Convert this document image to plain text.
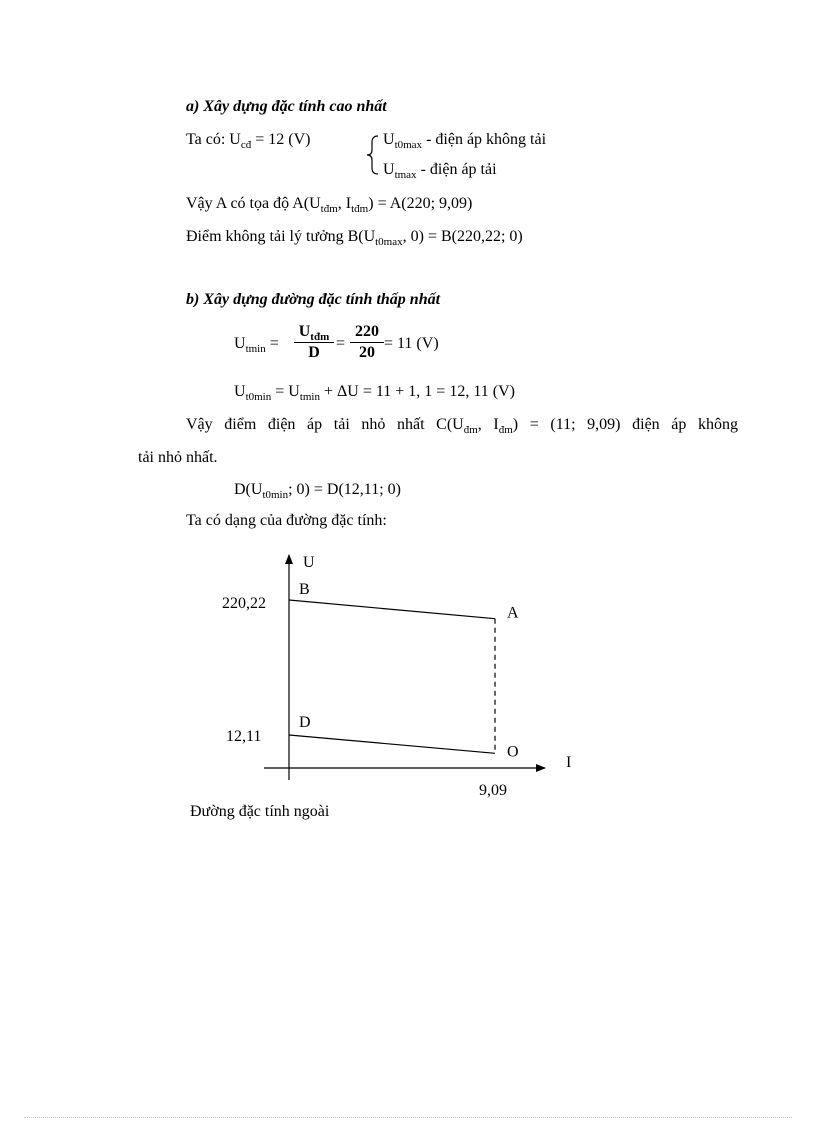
a) Xây dựng đặc tính cao nhất
Ta có: $U_{cđ} = 12$ (V)	$U_{t0max}$ - điện áp không tải
$U_{tmax}$ - điện áp tải
Vậy A có tọa độ $A(U_{tđm}$, $I_{tđm}) = A(220$; 9,09)
Điểm không tải lý tưởng $B(U_{t0max}$, 0) = B(220,22; 0)
b) Xây dựng đường đặc tính thấp nhất
$U_{tmin}$ =
$U_{tđm}$
D
=
220
20
= 11 (V)
$U_{t0min} = U_{tmin} + \Delta U = 11 + 1$, 1 = 12, 11 (V)
Vậy điểm điện áp tải nhỏ nhất $C(U_{đm}$, $I_{đm}) = (11$; 9,09) điện áp không
tải nhỏ nhất.
$D(U_{t0min}$; 0) = D(12,11; 0)
Ta có dạng của đường đặc tính:
U
I
220,22
12,11
9,09
B
A
D
O
Đường đặc tính ngoài
